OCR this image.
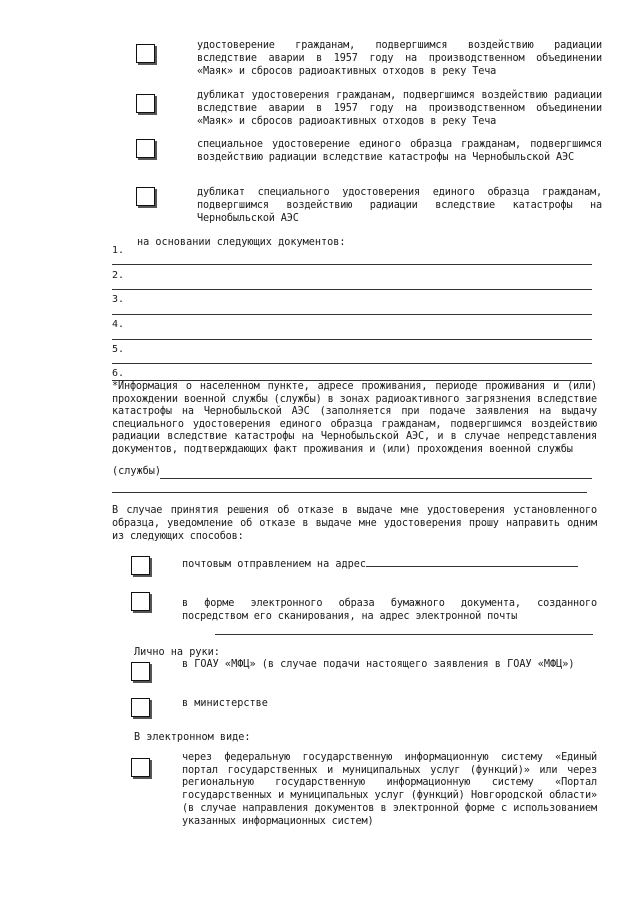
удостоверение гражданам, подвергшимся воздействию радиации вследствие аварии в 1957 году на производственном объединении «Маяк» и сбросов радиоактивных отходов в реку Теча
дубликат удостоверения гражданам, подвергшимся воздействию радиации вследствие аварии в 1957 году на производственном объединении «Маяк» и сбросов радиоактивных отходов в реку Теча
специальное удостоверение единого образца гражданам, подвергшимся воздействию радиации вследствие катастрофы на Чернобыльской АЭС
дубликат специального удостоверения единого образца гражданам, подвергшимся воздействию радиации вследствие катастрофы на Чернобыльской АЭС
на основании следующих документов:
1.
2.
3.
4.
5.
6.
*Информация о населенном пункте, адресе проживания, периоде проживания и (или) прохождении военной службы (службы) в зонах радиоактивного загрязнения вследствие катастрофы на Чернобыльской АЭС (заполняется при подаче заявления на выдачу специального удостоверения единого образца гражданам, подвергшимся воздействию радиации вследствие катастрофы на Чернобыльской АЭС, и в случае непредставления документов, подтверждающих факт проживания и (или) прохождения военной службы
(службы)
В случае принятия решения об отказе в выдаче мне удостоверения установленного образца, уведомление об отказе в выдаче мне удостоверения прошу направить одним из следующих способов:
почтовым отправлением на адрес
в форме электронного образа бумажного документа, созданного посредством его сканирования, на адрес электронной почты
Лично на руки:
в ГОАУ «МФЦ» (в случае подачи настоящего заявления в ГОАУ «МФЦ»)
в министерстве
В электронном виде:
через федеральную государственную информационную систему «Единый портал государственных и муниципальных услуг (функций)» или через региональную государственную информационную систему «Портал государственных и муниципальных услуг (функций) Новгородской области» (в случае направления документов в электронной форме с использованием указанных информационных систем)
